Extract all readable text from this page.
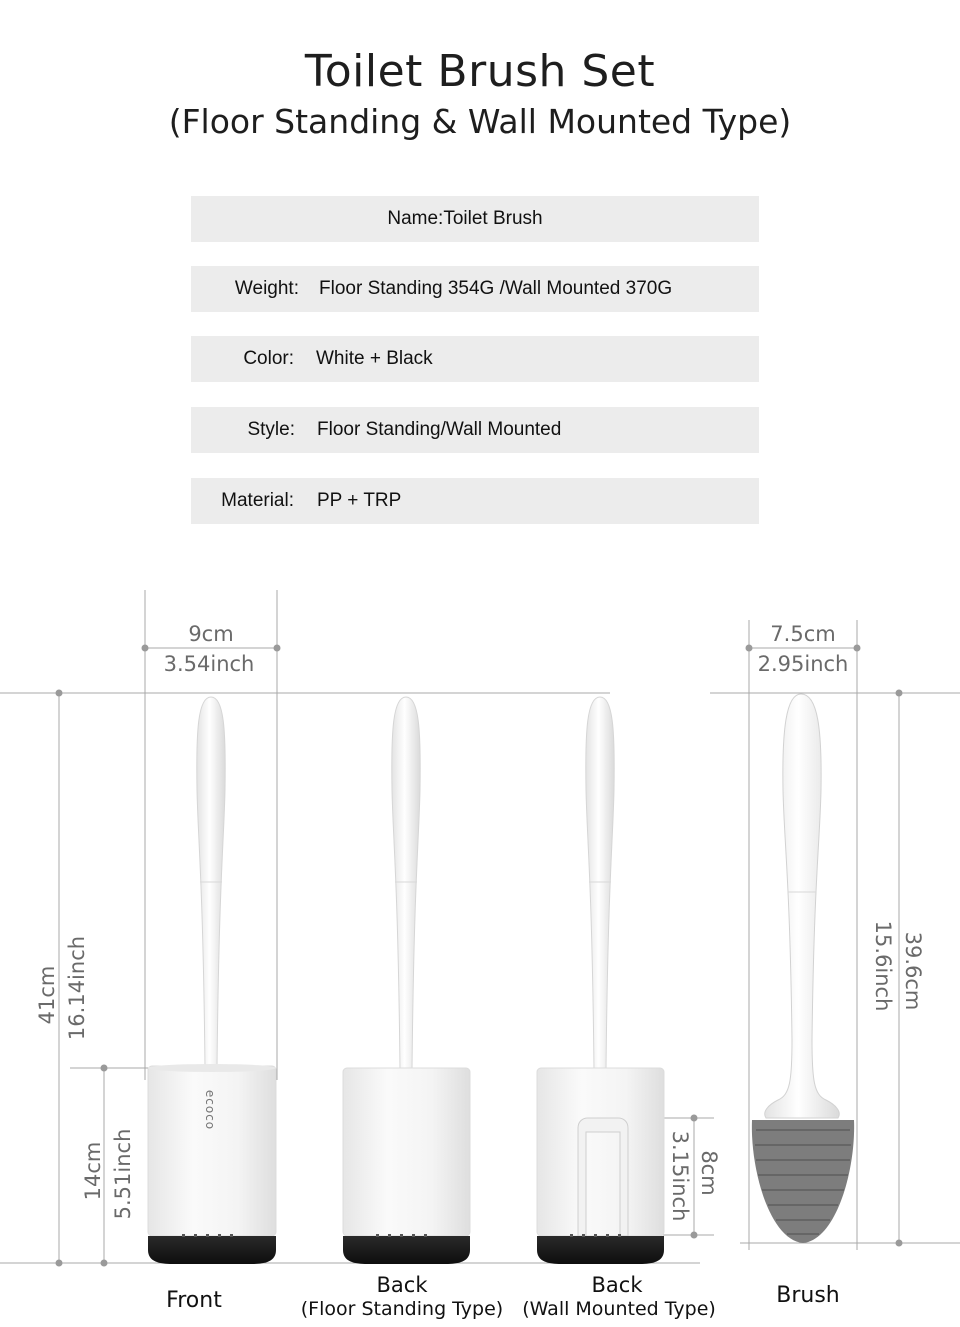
Toilet Brush Set
(Floor Standing & Wall Mounted Type)
Name:Toilet Brush
Weight: Floor Standing 354G /Wall Mounted 370G
Color: White + Black
Style: Floor Standing/Wall Mounted
Material: PP + TRP
9cm
3.54inch
7.5cm
2.95inch
41cm 16.14inch
14cm 5.51inch	8cm
3.15inch
39.6cm
15.6inch
ecoco
Front
Back
(Floor Standing Type)
Back
(Wall Mounted Type)
Brush
